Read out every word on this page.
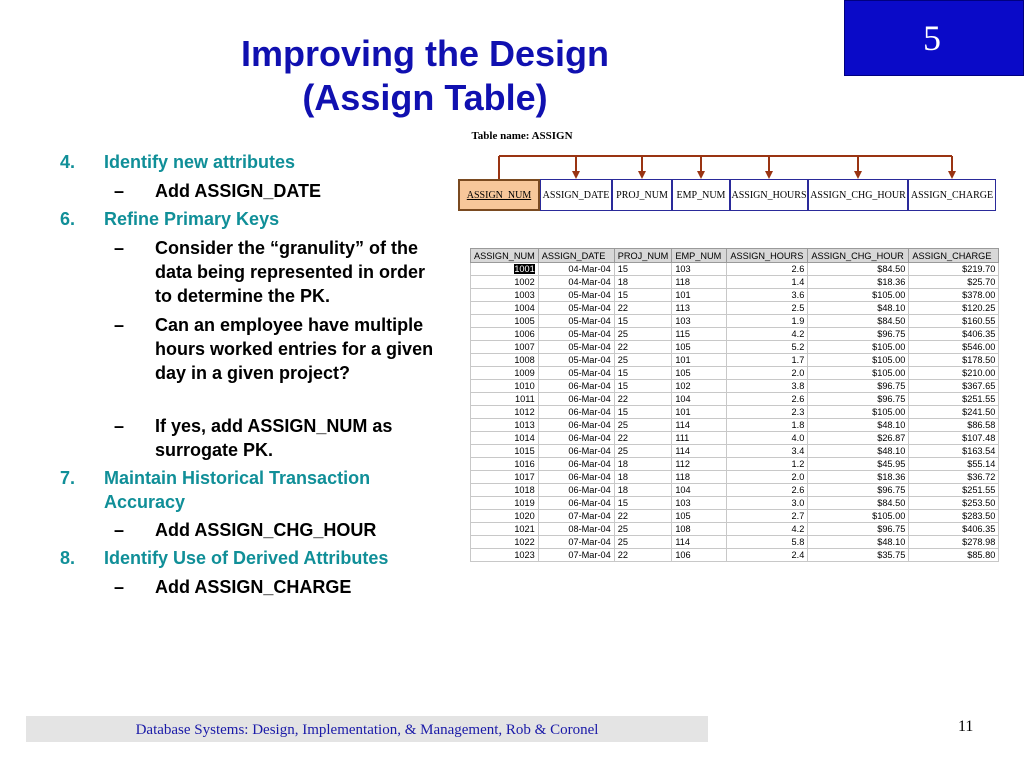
Improving the Design
(Assign Table)
5
4. Identify new attributes
– Add ASSIGN_DATE
6. Refine Primary Keys
– Consider the “granulity” of the data being represented in order to determine the PK.
– Can an employee have multiple hours worked entries for a given day in a given project?
– If yes, add ASSIGN_NUM as surrogate PK.
7. Maintain Historical Transaction Accuracy
– Add ASSIGN_CHG_HOUR
8. Identify Use of Derived Attributes
– Add ASSIGN_CHARGE
Table name: ASSIGN
ASSIGN_NUM	ASSIGN_DATE PROJ_NUM EMP_NUM ASSIGN_HOURS ASSIGN_CHG_HOUR ASSIGN_CHARGE
ASSIGN_NUM	ASSIGN_DATE	PROJ_NUM	EMP_NUM	ASSIGN_HOURS	ASSIGN_CHG_HOUR	ASSIGN_CHARGE
1001	04-Mar-04	15	103	2.6	$84.50	$219.70
1002	04-Mar-04	18	118	1.4	$18.36	$25.70
1003	05-Mar-04	15	101	3.6	$105.00	$378.00
1004	05-Mar-04	22	113	2.5	$48.10	$120.25
1005	05-Mar-04	15	103	1.9	$84.50	$160.55
1006	05-Mar-04	25	115	4.2	$96.75	$406.35
1007	05-Mar-04	22	105	5.2	$105.00	$546.00
1008	05-Mar-04	25	101	1.7	$105.00	$178.50
1009	05-Mar-04	15	105	2.0	$105.00	$210.00
1010	06-Mar-04	15	102	3.8	$96.75	$367.65
1011	06-Mar-04	22	104	2.6	$96.75	$251.55
1012	06-Mar-04	15	101	2.3	$105.00	$241.50
1013	06-Mar-04	25	114	1.8	$48.10	$86.58
1014	06-Mar-04	22	111	4.0	$26.87	$107.48
1015	06-Mar-04	25	114	3.4	$48.10	$163.54
1016	06-Mar-04	18	112	1.2	$45.95	$55.14
1017	06-Mar-04	18	118	2.0	$18.36	$36.72
1018	06-Mar-04	18	104	2.6	$96.75	$251.55
1019	06-Mar-04	15	103	3.0	$84.50	$253.50
1020	07-Mar-04	22	105	2.7	$105.00	$283.50
1021	08-Mar-04	25	108	4.2	$96.75	$406.35
1022	07-Mar-04	25	114	5.8	$48.10	$278.98
1023	07-Mar-04	22	106	2.4	$35.75	$85.80
Database Systems: Design, Implementation, & Management, Rob & Coronel	11
